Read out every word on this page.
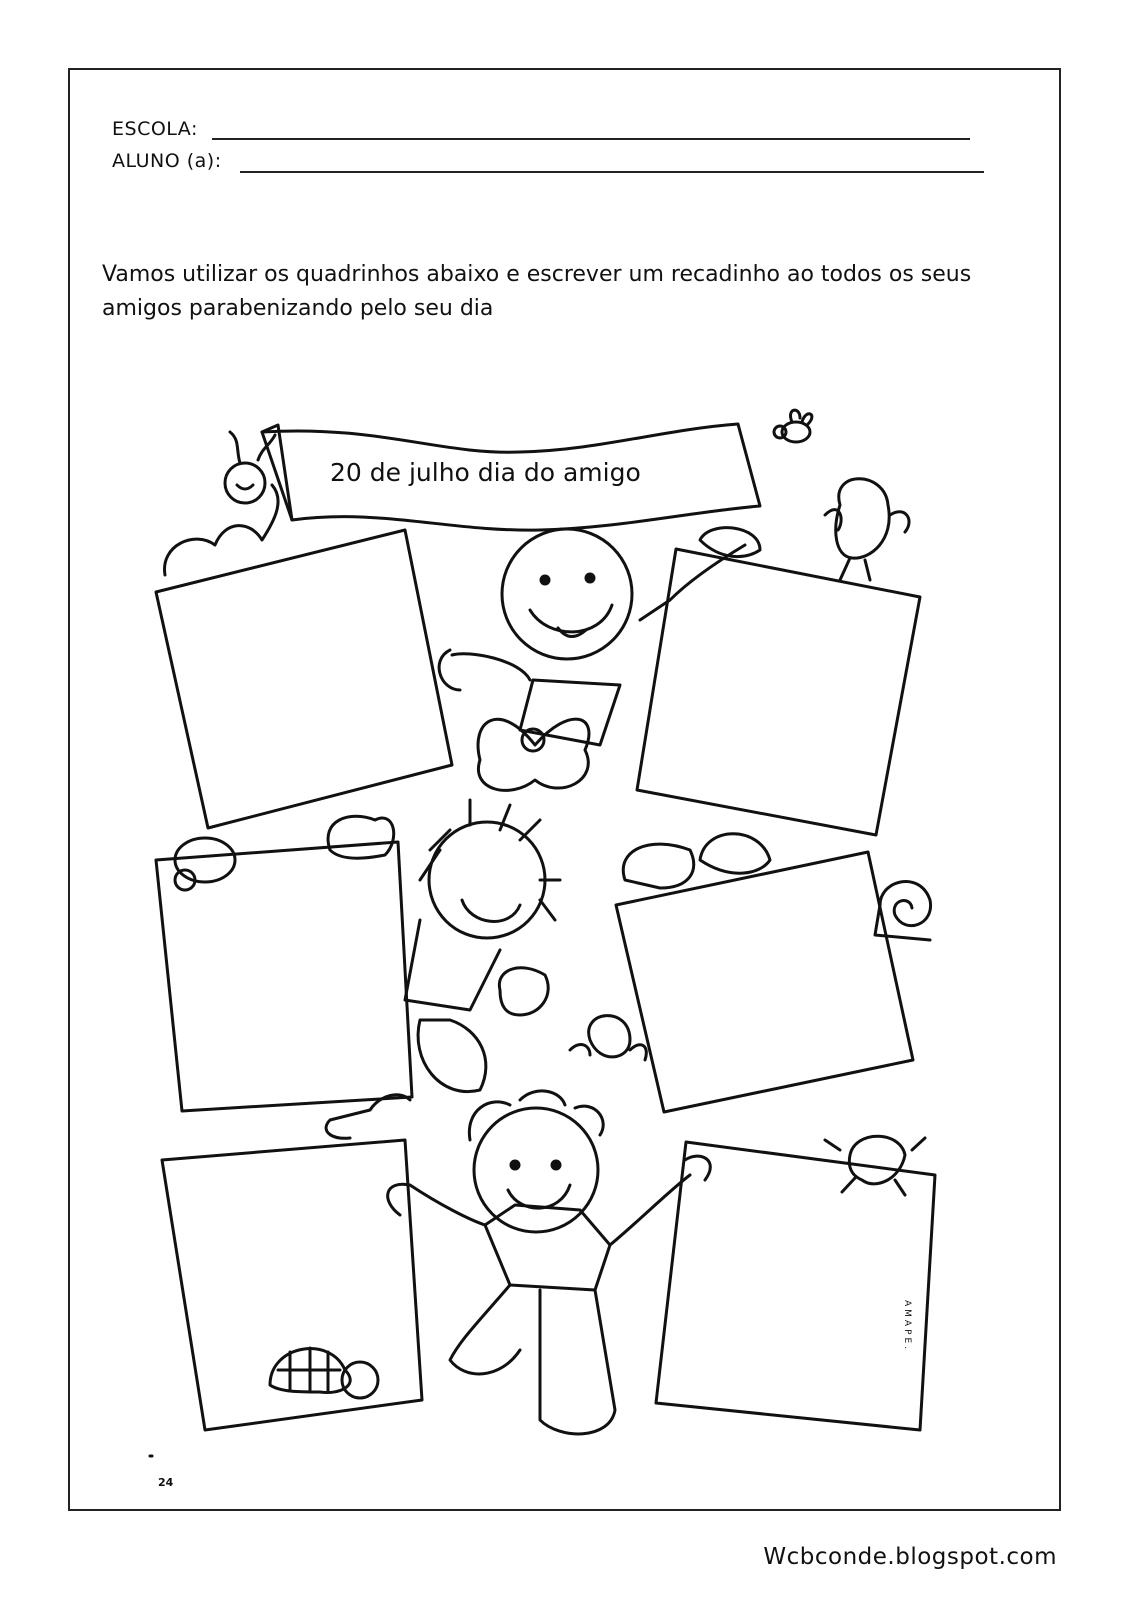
ESCOLA:
ALUNO (a):
Vamos utilizar os quadrinhos abaixo e escrever um recadinho ao todos os seus amigos parabenizando pelo seu dia
20 de julho dia do amigo
24
AMAPE.
Wcbconde.blogspot.com
